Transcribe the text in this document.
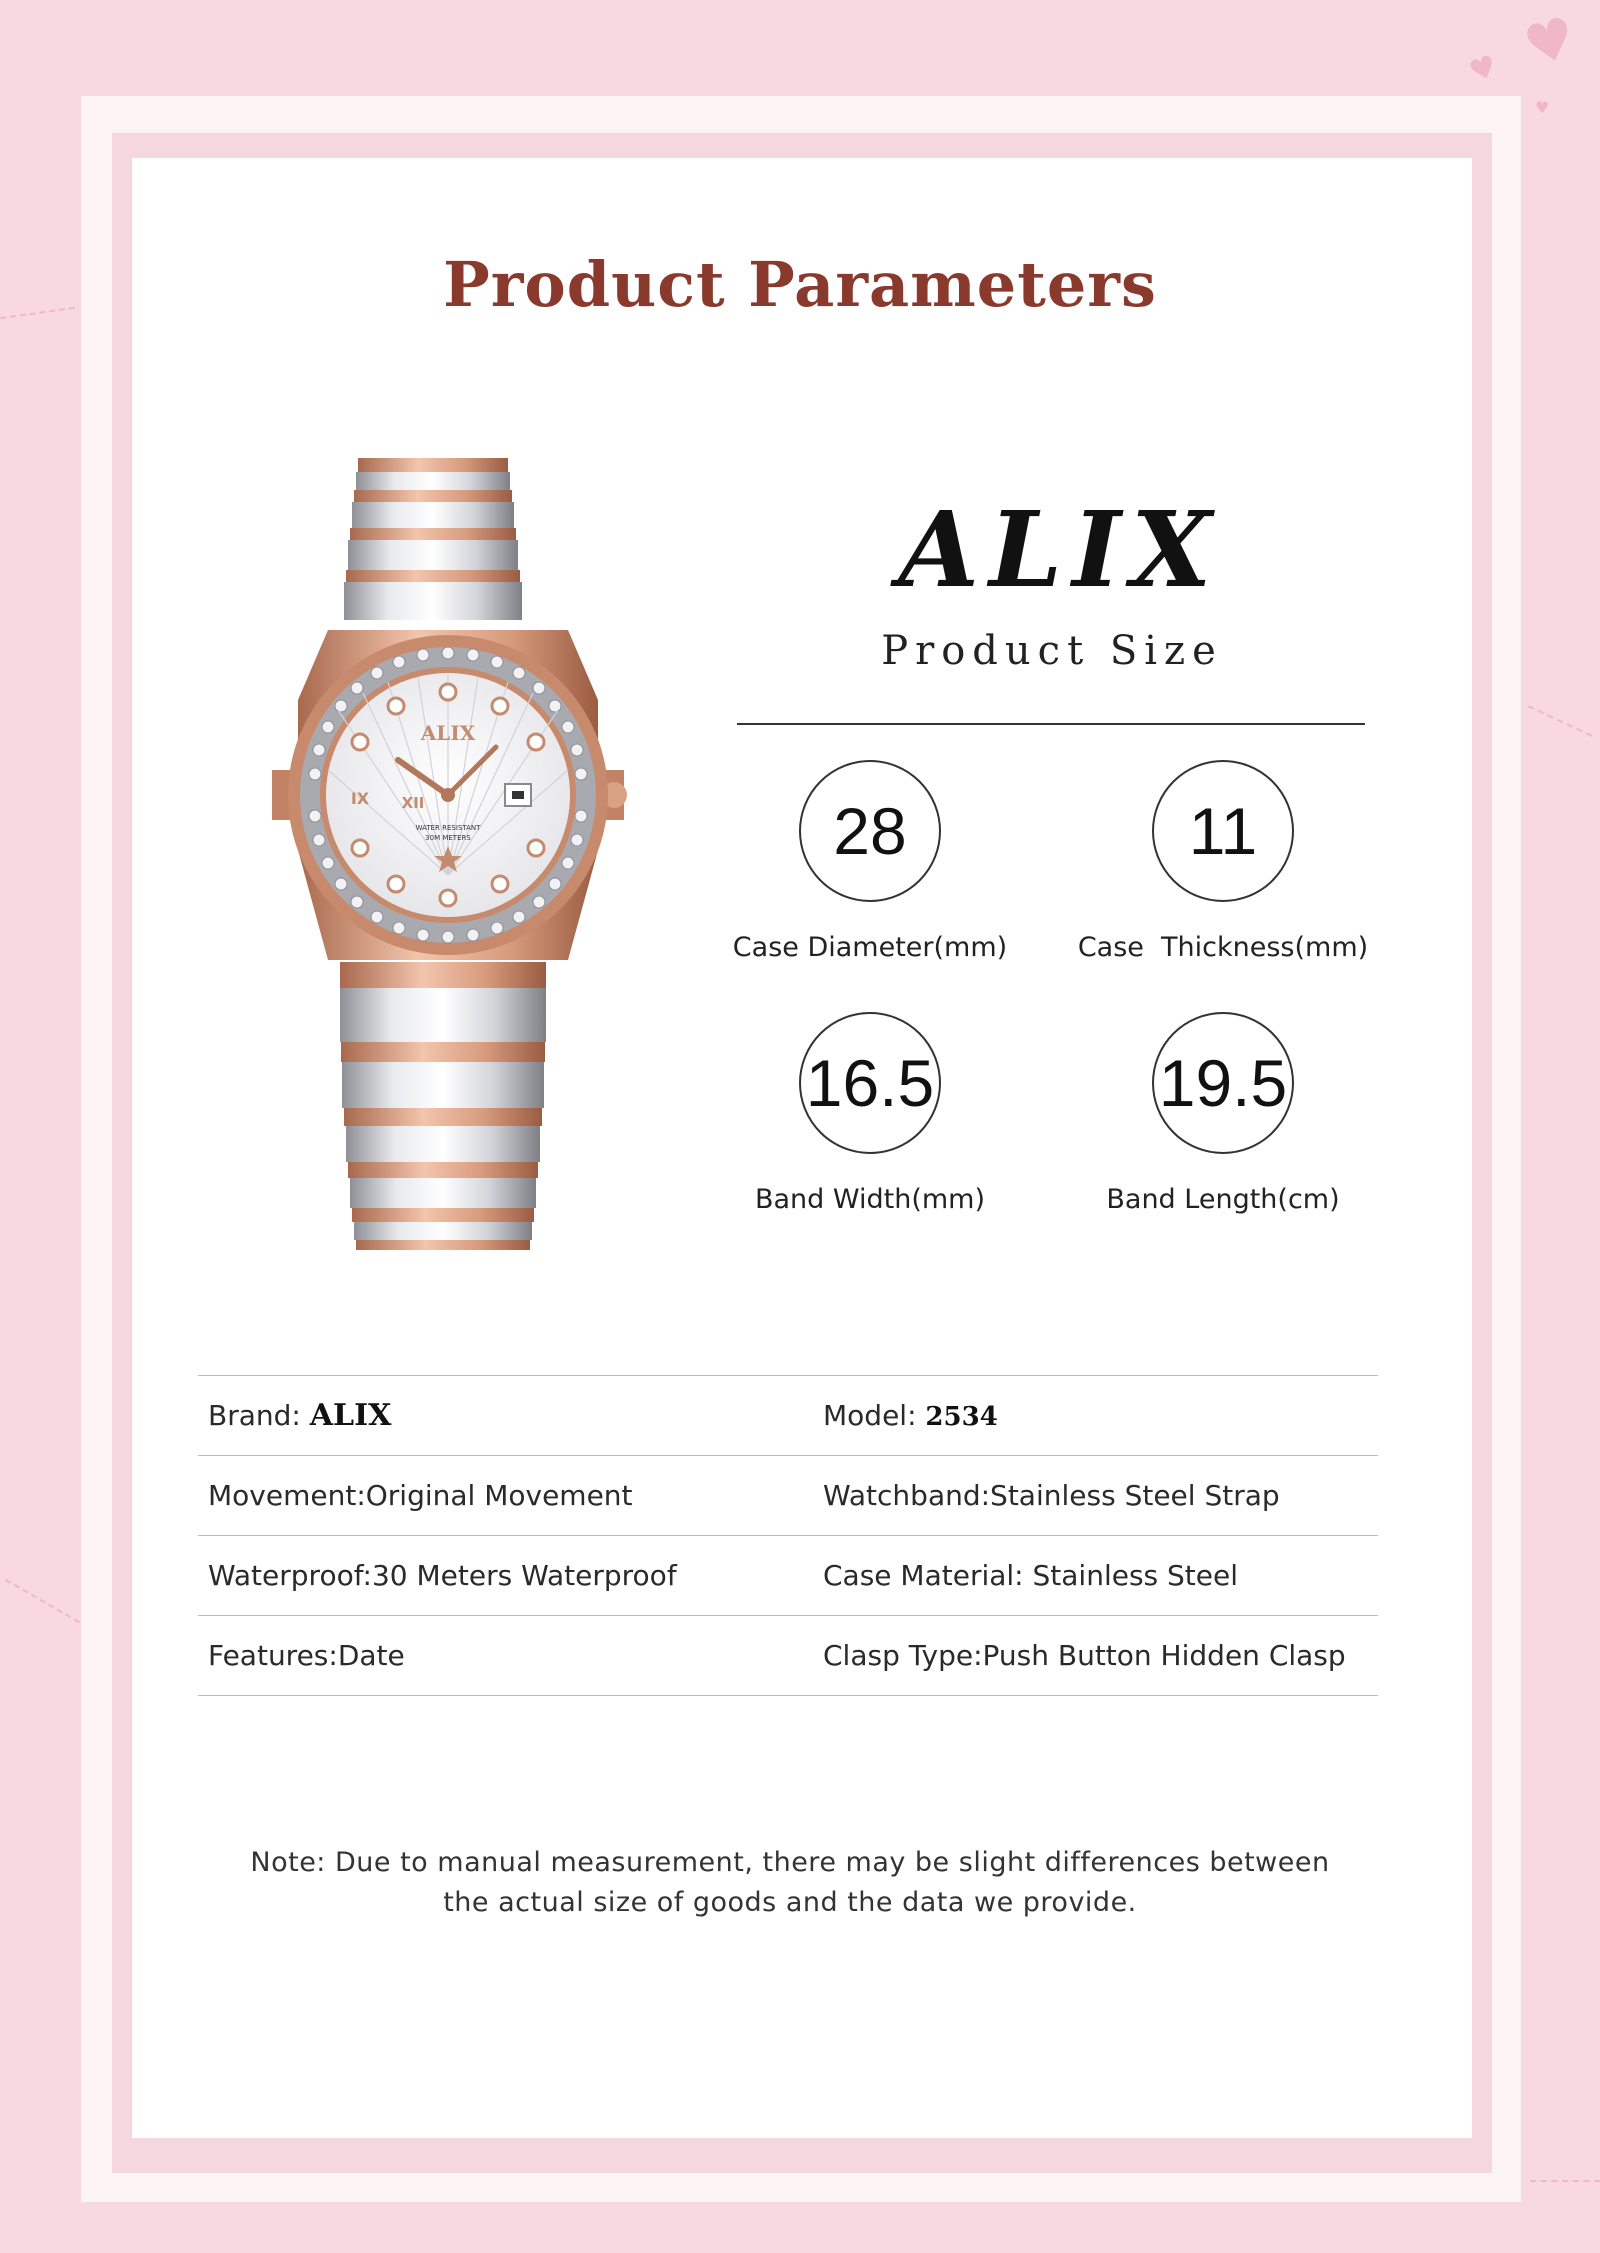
♥
♥
♥
Product Parameters
XII
IX
ALIX
WATER RESISTANT
30M METERS
ALIX
Product Size
28
Case Diameter(mm)
11
Case  Thickness(mm)
16.5
Band Width(mm)
19.5
Band Length(cm)
Brand: ALIX	Model: 2534
Movement:Original Movement	Watchband:Stainless Steel Strap
Waterproof:30 Meters Waterproof	Case Material: Stainless Steel
Features:Date	Clasp Type:Push Button Hidden Clasp
Note: Due to manual measurement, there may be slight differences between
the actual size of goods and the data we provide.
